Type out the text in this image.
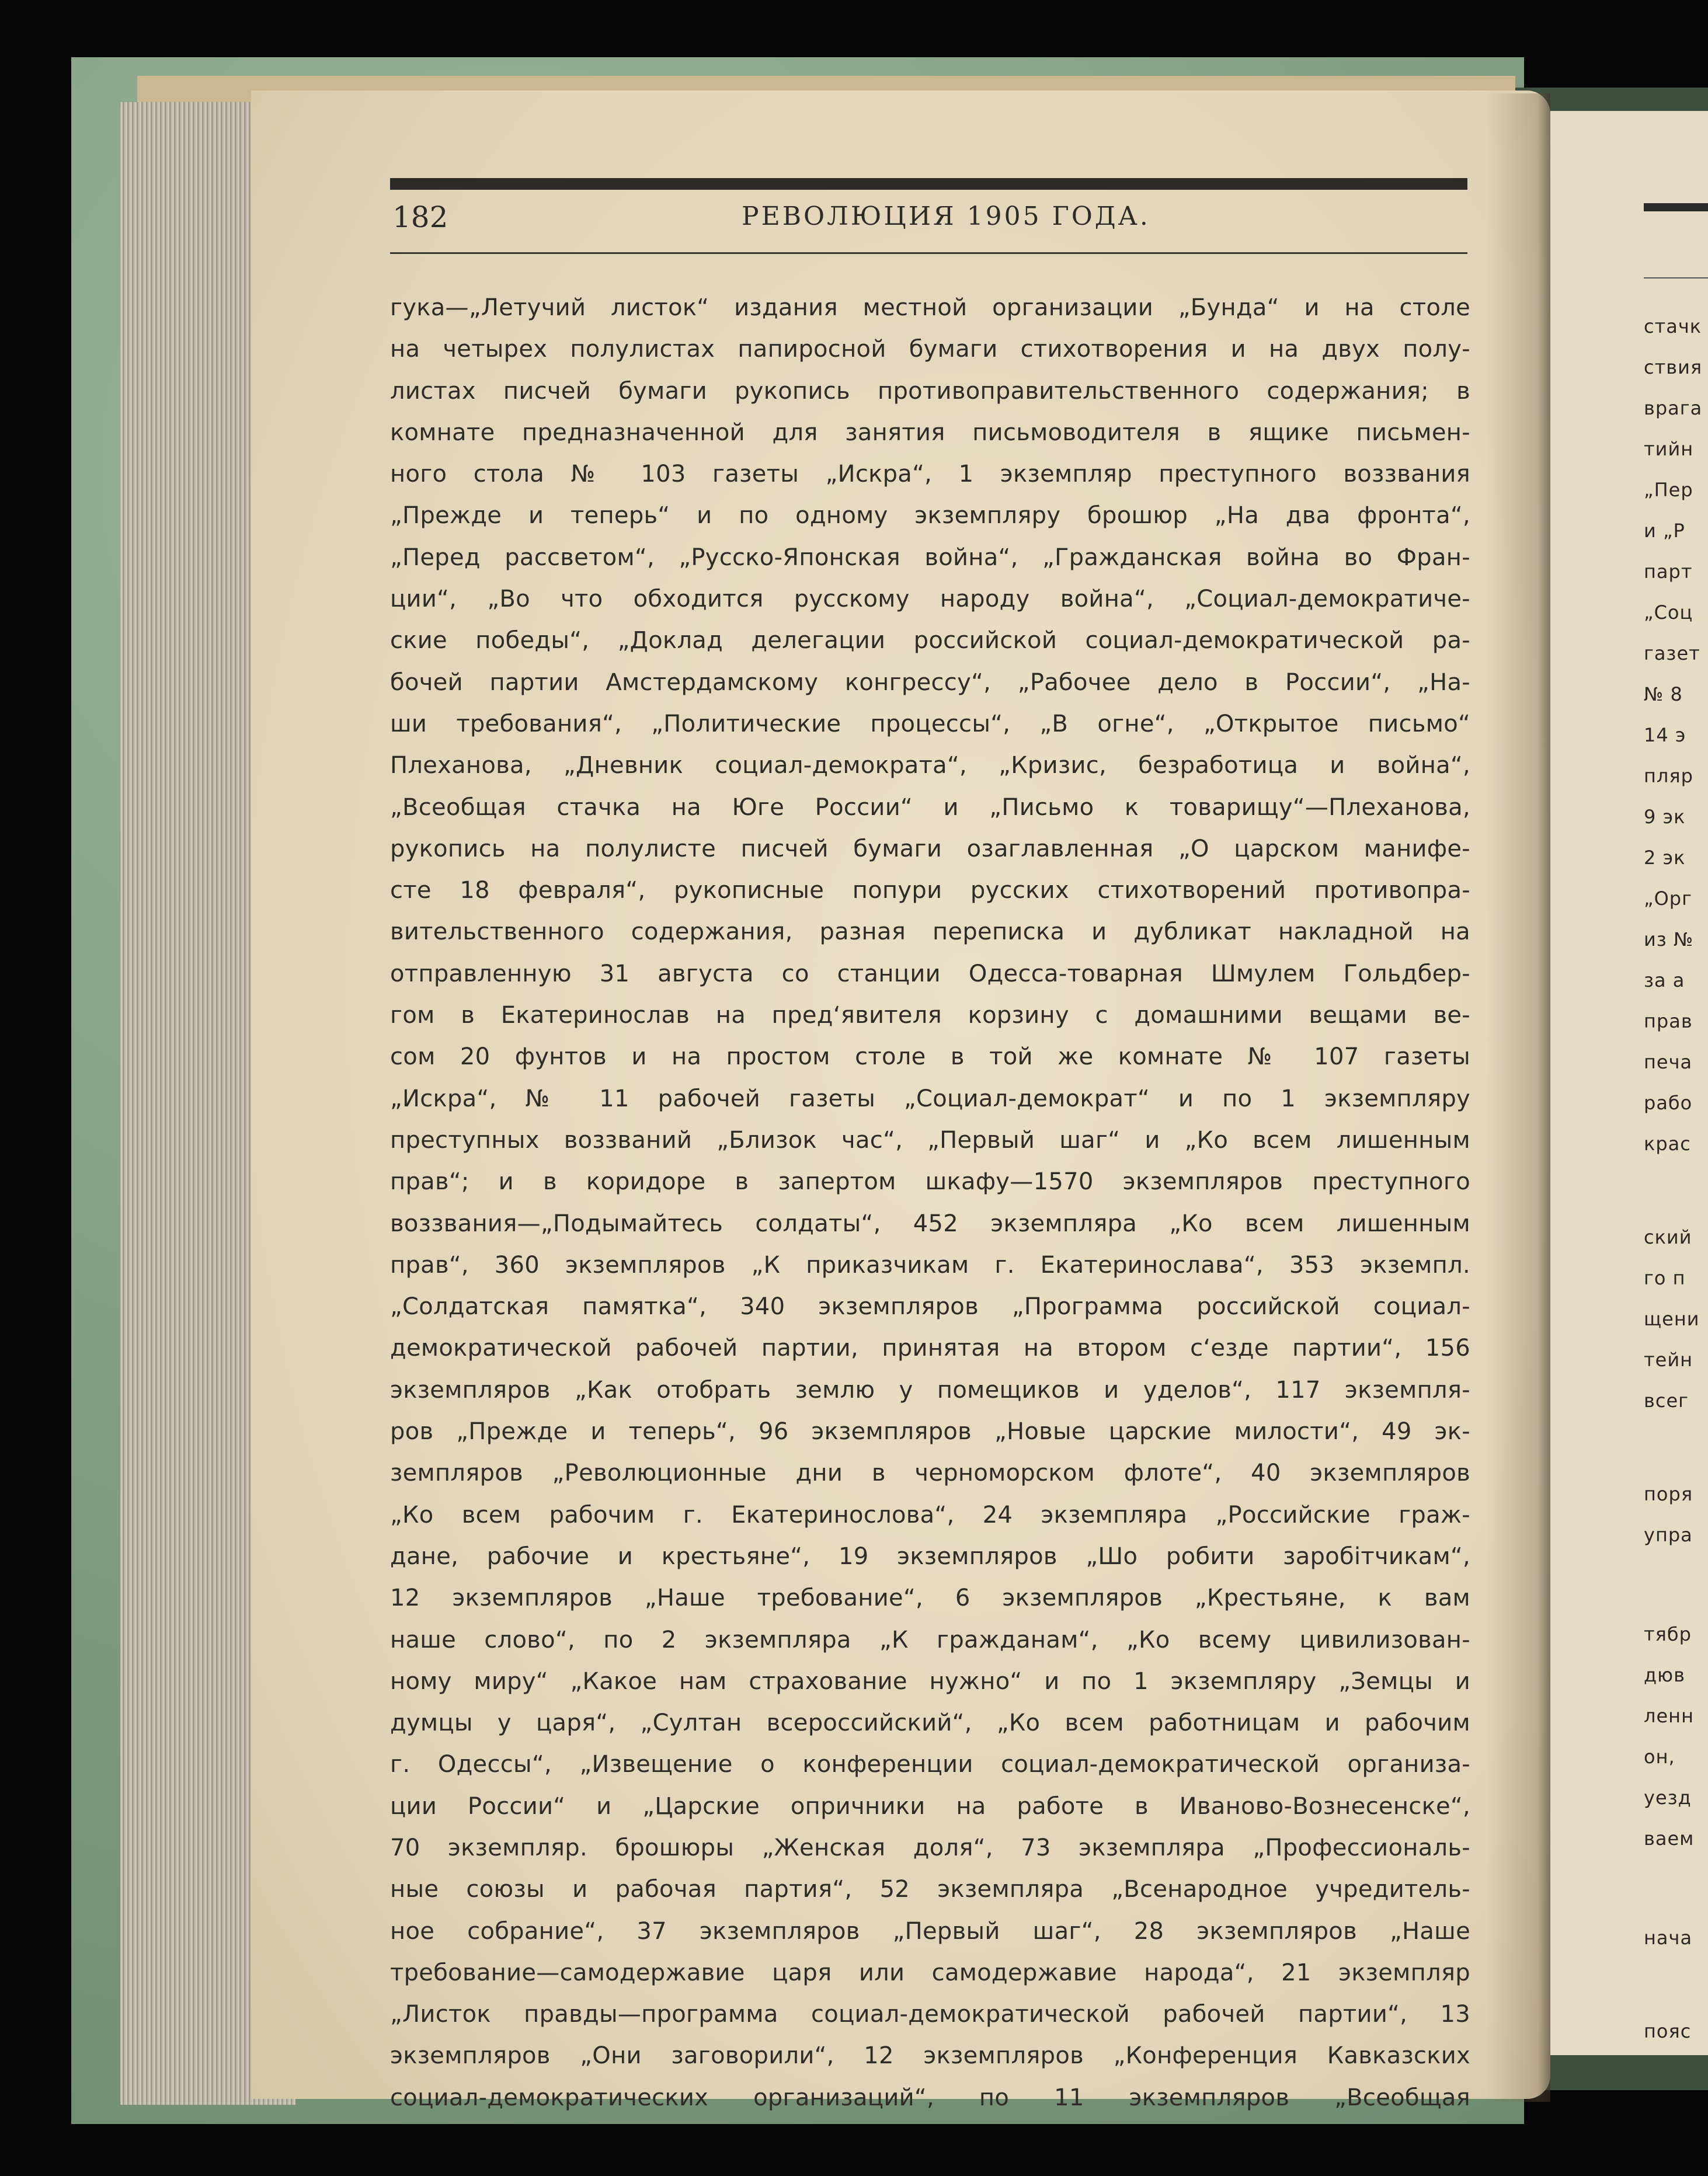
стачк
ствия
врага
тийн
„Пер
и „Р
парт
„Соц
газет
№ 8
14 э
пляр
9 эк
2 эк
„Орг
из №
за а
прав
печа
рабо
крас
ский
го п
щени
тейн
всег
поря
упра
тябр
дюв
ленн
он,
уезд
ваем
нача
пояс
182	РЕВОЛЮЦИЯ 1905 ГОДА.
гука—„Летучий листок“ издания местной организации „Бунда“ и на столе
на четырех полулистах папиросной бумаги стихотворения и на двух полу-
листах писчей бумаги рукопись противоправительственного содержания; в
комнате предназначенной для занятия письмоводителя в ящике письмен-
ного стола № 103 газеты „Искра“, 1 экземпляр преступного воззвания
„Прежде и теперь“ и по одному экземпляру брошюр „На два фронта“,
„Перед рассветом“, „Русско-Японская война“, „Гражданская война во Фран-
ции“, „Во что обходится русскому народу война“, „Социал-демократиче-
ские победы“, „Доклад делегации российской социал-демократической ра-
бочей партии Амстердамскому конгрессу“, „Рабочее дело в России“, „На-
ши требования“, „Политические процессы“, „В огне“, „Открытое письмо“
Плеханова, „Дневник социал-демократа“, „Кризис, безработица и война“,
„Всеобщая стачка на Юге России“ и „Письмо к товарищу“—Плеханова,
рукопись на полулисте писчей бумаги озаглавленная „О царском манифе-
сте 18 февраля“, рукописные попури русских стихотворений противопра-
вительственного содержания, разная переписка и дубликат накладной на
отправленную 31 августа со станции Одесса-товарная Шмулем Гольдбер-
гом в Екатеринослав на пред‘явителя корзину с домашними вещами ве-
сом 20 фунтов и на простом столе в той же комнате № 107 газеты
„Искра“, № 11 рабочей газеты „Социал-демократ“ и по 1 экземпляру
преступных воззваний „Близок час“, „Первый шаг“ и „Ко всем лишенным
прав“; и в коридоре в запертом шкафу—1570 экземпляров преступного
воззвания—„Подымайтесь солдаты“, 452 экземпляра „Ко всем лишенным
прав“, 360 экземпляров „К приказчикам г. Екатеринослава“, 353 экземпл.
„Солдатская памятка“, 340 экземпляров „Программа российской социал-
демократической рабочей партии, принятая на втором с‘езде партии“, 156
экземпляров „Как отобрать землю у помещиков и уделов“, 117 экземпля-
ров „Прежде и теперь“, 96 экземпляров „Новые царские милости“, 49 эк-
земпляров „Революционные дни в черноморском флоте“, 40 экземпляров
„Ко всем рабочим г. Екатеринослова“, 24 экземпляра „Российские граж-
дане, рабочие и крестьяне“, 19 экземпляров „Шо робити заробітчикам“,
12 экземпляров „Наше требование“, 6 экземпляров „Крестьяне, к вам
наше слово“, по 2 экземпляра „К гражданам“, „Ко всему цивилизован-
ному миру“ „Какое нам страхование нужно“ и по 1 экземпляру „Земцы и
думцы у царя“, „Султан всероссийский“, „Ко всем работницам и рабочим
г. Одессы“, „Извещение о конференции социал-демократической организа-
ции России“ и „Царские опричники на работе в Иваново-Вознесенске“,
70 экземпляр. брошюры „Женская доля“, 73 экземпляра „Профессиональ-
ные союзы и рабочая партия“, 52 экземпляра „Всенародное учредитель-
ное собрание“, 37 экземпляров „Первый шаг“, 28 экземпляров „Наше
требование—самодержавие царя или самодержавие народа“, 21 экземпляр
„Листок правды—программа социал-демократической рабочей партии“, 13
экземпляров „Они заговорили“, 12 экземпляров „Конференция Кавказских
социал-демократических организаций“, по 11 экземпляров „Всеобщая
